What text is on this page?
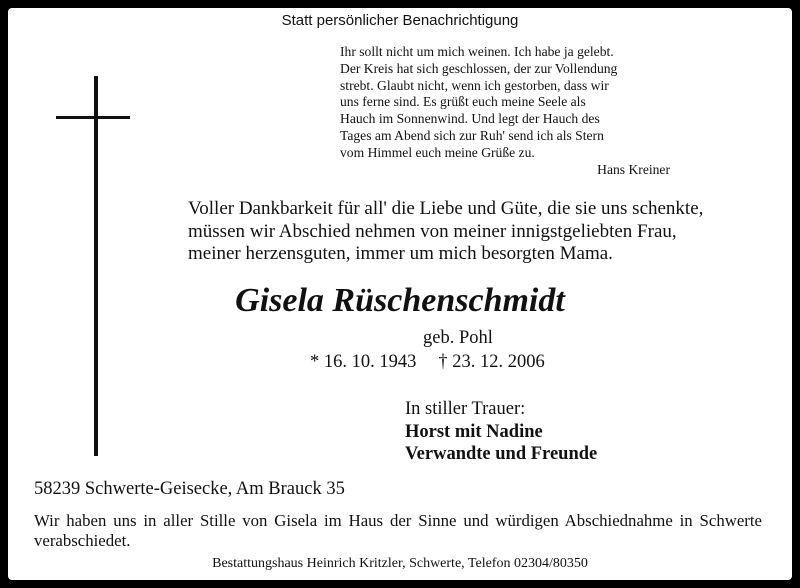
Statt persönlicher Benachrichtigung
Ihr sollt nicht um mich weinen. Ich habe ja gelebt.
Der Kreis hat sich geschlossen, der zur Vollendung
strebt. Glaubt nicht, wenn ich gestorben, dass wir
uns ferne sind. Es grüßt euch meine Seele als
Hauch im Sonnenwind. Und legt der Hauch des
Tages am Abend sich zur Ruh' send ich als Stern
vom Himmel euch meine Grüße zu.
Hans Kreiner
Voller Dankbarkeit für all' die Liebe und Güte, die sie uns schenkte,
müssen wir Abschied nehmen von meiner innigstgeliebten Frau,
meiner herzensguten, immer um mich besorgten Mama.
Gisela Rüschenschmidt
geb. Pohl
* 16. 10. 1943 † 23. 12. 2006
In stiller Trauer:
Horst mit Nadine
Verwandte und Freunde
58239 Schwerte-Geisecke, Am Brauck 35
Wir haben uns in aller Stille von Gisela im Haus der Sinne und würdigen Abschiednahme in Schwerte verabschiedet.
Bestattungshaus Heinrich Kritzler, Schwerte, Telefon 02304/80350
